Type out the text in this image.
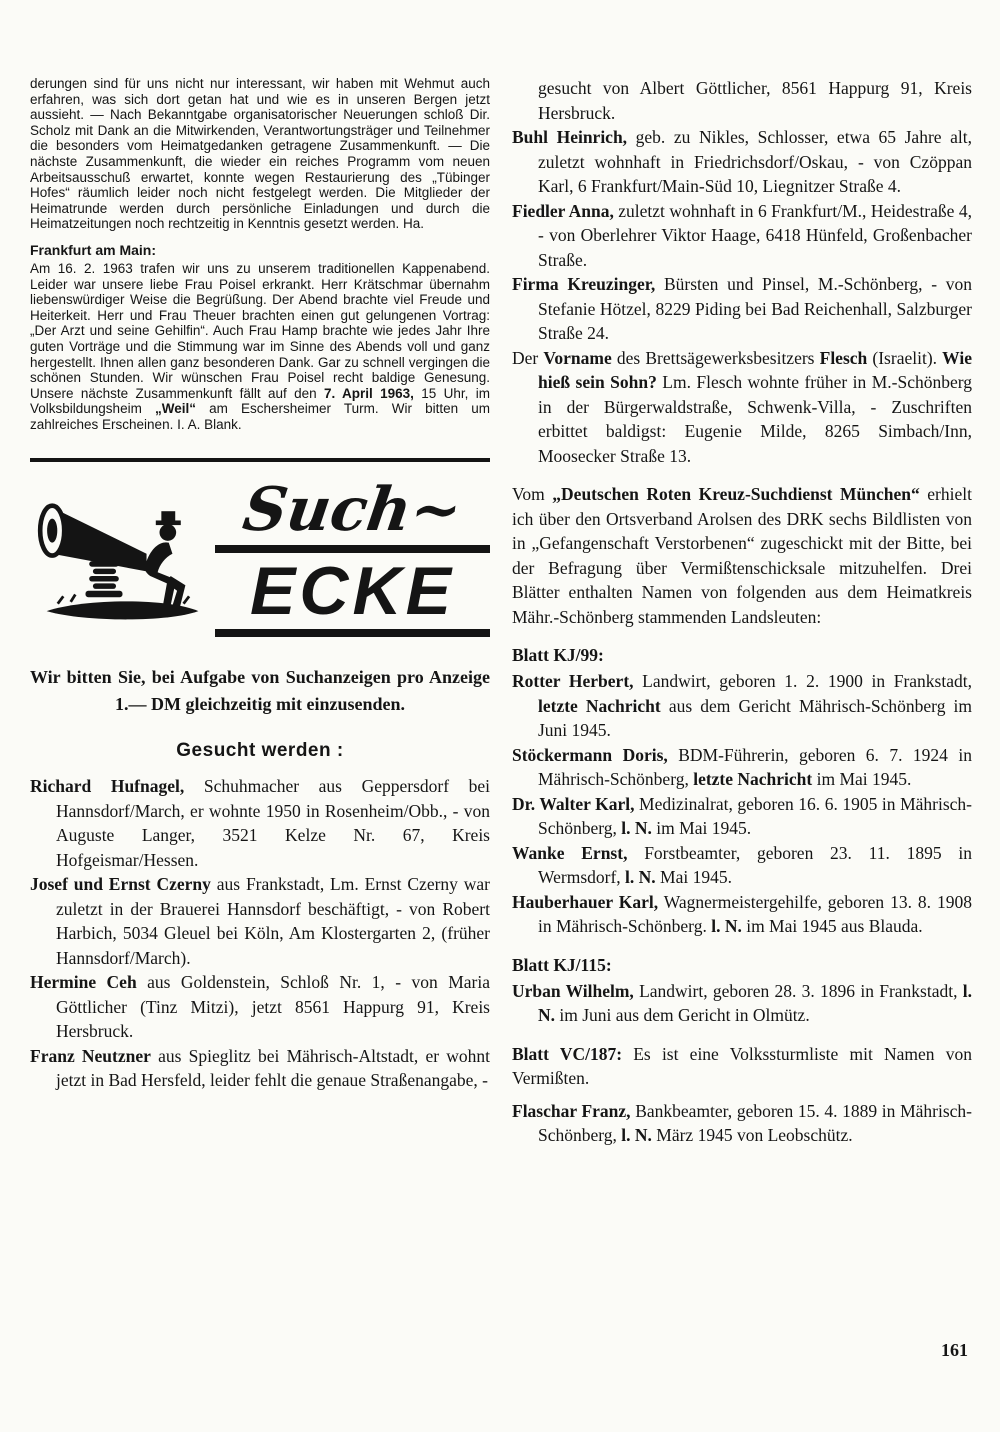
derungen sind für uns nicht nur interessant, wir haben mit Wehmut auch erfahren, was sich dort getan hat und wie es in unseren Bergen jetzt aussieht. — Nach Bekanntgabe organisatorischer Neuerungen schloß Dir. Scholz mit Dank an die Mitwirkenden, Verantwortungsträger und Teilnehmer die besonders vom Heimatgedanken getragene Zusammenkunft. — Die nächste Zusammenkunft, die wieder ein reiches Programm vom neuen Arbeitsausschuß erwartet, konnte wegen Restaurierung des „Tübinger Hofes“ räumlich leider noch nicht festgelegt werden. Die Mitglieder der Heimatrunde werden durch persönliche Einladungen und durch die Heimatzeitungen noch rechtzeitig in Kenntnis gesetzt werden. Ha.

Frankfurt am Main:

Am 16. 2. 1963 trafen wir uns zu unserem traditionellen Kappenabend. Leider war unsere liebe Frau Poisel erkrankt. Herr Krätschmar übernahm liebenswürdiger Weise die Begrüßung. Der Abend brachte viel Freude und Heiterkeit. Herr und Frau Theuer brachten einen gut gelungenen Vortrag: „Der Arzt und seine Gehilfin“. Auch Frau Hamp brachte wie jedes Jahr Ihre guten Vorträge und die Stimmung war im Sinne des Abends voll und ganz hergestellt. Ihnen allen ganz besonderen Dank. Gar zu schnell vergingen die schönen Stunden. Wir wünschen Frau Poisel recht baldige Genesung. Unsere nächste Zusammenkunft fällt auf den 7. April 1963, 15 Uhr, im Volksbildungsheim „Weil“ am Eschersheimer Turm. Wir bitten um zahlreiches Erscheinen. I. A. Blank.

Such~
ECKE

Wir bitten Sie, bei Aufgabe von Suchanzeigen pro Anzeige 1.— DM gleichzeitig mit einzusenden.

Gesucht werden :

Richard Hufnagel, Schuhmacher aus Geppersdorf bei Hannsdorf/March, er wohnte 1950 in Rosenheim/Obb., - von Auguste Langer, 3521 Kelze Nr. 67, Kreis Hofgeismar/Hessen.

Josef und Ernst Czerny aus Frankstadt, Lm. Ernst Czerny war zuletzt in der Brauerei Hannsdorf beschäftigt, - von Robert Harbich, 5034 Gleuel bei Köln, Am Klostergarten 2, (früher Hannsdorf/March).

Hermine Ceh aus Goldenstein, Schloß Nr. 1, - von Maria Göttlicher (Tinz Mitzi), jetzt 8561 Happurg 91, Kreis Hersbruck.

Franz Neutzner aus Spieglitz bei Mährisch-Altstadt, er wohnt jetzt in Bad Hersfeld, leider fehlt die genaue Straßenangabe, -

gesucht von Albert Göttlicher, 8561 Happurg 91, Kreis Hersbruck.

Buhl Heinrich, geb. zu Nikles, Schlosser, etwa 65 Jahre alt, zuletzt wohnhaft in Friedrichsdorf/Oskau, - von Czöppan Karl, 6 Frankfurt/Main-Süd 10, Liegnitzer Straße 4.

Fiedler Anna, zuletzt wohnhaft in 6 Frankfurt/M., Heidestraße 4, - von Oberlehrer Viktor Haage, 6418 Hünfeld, Großenbacher Straße.

Firma Kreuzinger, Bürsten und Pinsel, M.-Schönberg, - von Stefanie Hötzel, 8229 Piding bei Bad Reichenhall, Salzburger Straße 24.

Der Vorname des Brettsägewerksbesitzers Flesch (Israelit). Wie hieß sein Sohn? Lm. Flesch wohnte früher in M.-Schönberg in der Bürgerwaldstraße, Schwenk-Villa, - Zuschriften erbittet baldigst: Eugenie Milde, 8265 Simbach/Inn, Moosecker Straße 13.

Vom „Deutschen Roten Kreuz-Suchdienst München“ erhielt ich über den Ortsverband Arolsen des DRK sechs Bildlisten von in „Gefangenschaft Verstorbenen“ zugeschickt mit der Bitte, bei der Befragung über Vermißtenschicksale mitzuhelfen. Drei Blätter enthalten Namen von folgenden aus dem Heimatkreis Mähr.-Schönberg stammenden Landsleuten:

Blatt KJ/99:

Rotter Herbert, Landwirt, geboren 1. 2. 1900 in Frankstadt, letzte Nachricht aus dem Gericht Mährisch-Schönberg im Juni 1945.

Stöckermann Doris, BDM-Führerin, geboren 6. 7. 1924 in Mährisch-Schönberg, letzte Nachricht im Mai 1945.

Dr. Walter Karl, Medizinalrat, geboren 16. 6. 1905 in Mährisch-Schönberg, l. N. im Mai 1945.

Wanke Ernst, Forstbeamter, geboren 23. 11. 1895 in Wermsdorf, l. N. Mai 1945.

Hauberhauer Karl, Wagnermeistergehilfe, geboren 13. 8. 1908 in Mährisch-Schönberg. l. N. im Mai 1945 aus Blauda.

Blatt KJ/115:

Urban Wilhelm, Landwirt, geboren 28. 3. 1896 in Frankstadt, l. N. im Juni aus dem Gericht in Olmütz.

Blatt VC/187: Es ist eine Volkssturmliste mit Namen von Vermißten.

Flaschar Franz, Bankbeamter, geboren 15. 4. 1889 in Mährisch-Schönberg, l. N. März 1945 von Leobschütz.

161
